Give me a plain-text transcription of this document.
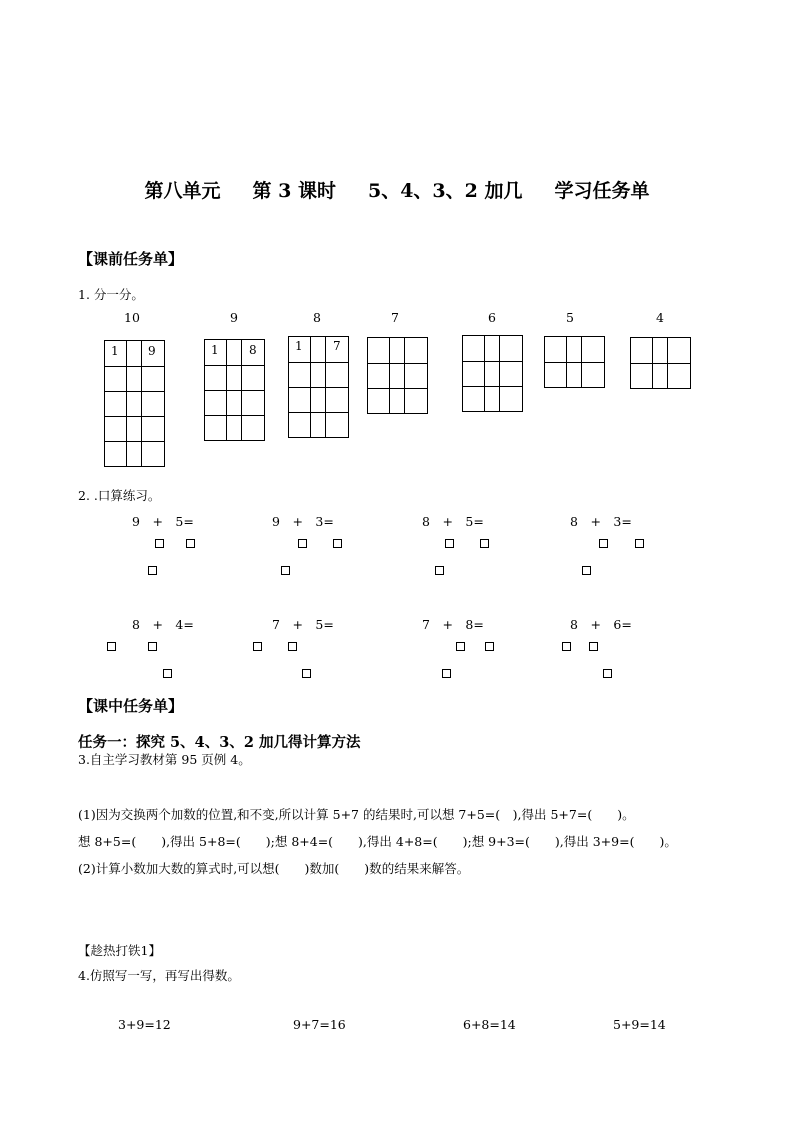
第八单元 第 3 课时 5、4、3、2 加几 学习任务单
【课前任务单】
1. 分一分。
10	9	8	7	6	5	4
1 9	1	8	1	7
2. .口算练习。
9　+　5=	9　+　3=	8　+　5=	8　+　3=
8　+　4=	7　+　5=	7　+　8=	8　+　6=
【课中任务单】
任务一：探究 5、4、3、2 加几得计算方法
3.自主学习教材第 95 页例 4。
(1)因为交换两个加数的位置,和不变,所以计算 5+7 的结果时,可以想 7+5=(　),得出 5+7=(　　)。
想 8+5=(　　),得出 5+8=(　　);想 8+4=(　　),得出 4+8=(　　);想 9+3=(　　),得出 3+9=(　　)。
(2)计算小数加大数的算式时,可以想(　　)数加(　　)数的结果来解答。
【趁热打铁1】
4.仿照写一写，再写出得数。
3+9=12	9+7=16	6+8=14	5+9=14
